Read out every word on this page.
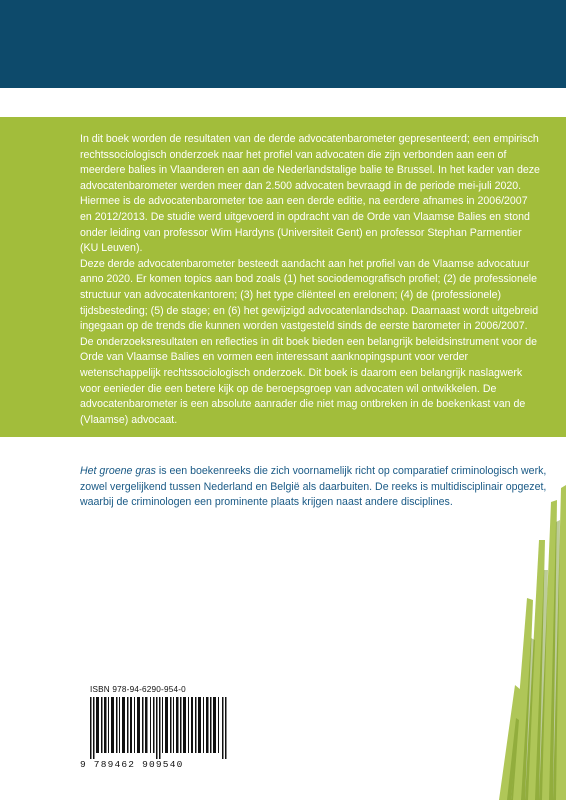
In dit boek worden de resultaten van de derde advocatenbarometer gepresenteerd; een empirisch rechtssociologisch onderzoek naar het profiel van advocaten die zijn verbonden aan een of meerdere balies in Vlaanderen en aan de Nederlandstalige balie te Brussel. In het kader van deze advocatenbarometer werden meer dan 2.500 advocaten bevraagd in de periode mei-juli 2020. Hiermee is de advocatenbarometer toe aan een derde editie, na eerdere afnames in 2006/2007 en 2012/2013. De studie werd uitgevoerd in opdracht van de Orde van Vlaamse Balies en stond onder leiding van professor Wim Hardyns (Universiteit Gent) en professor Stephan Parmentier (KU Leuven).

Deze derde advocatenbarometer besteedt aandacht aan het profiel van de Vlaamse advocatuur anno 2020. Er komen topics aan bod zoals (1) het sociodemografisch profiel; (2) de professionele structuur van advocatenkantoren; (3) het type cliënteel en erelonen; (4) de (professionele) tijdsbesteding; (5) de stage; en (6) het gewijzigd advocatenlandschap. Daarnaast wordt uitgebreid ingegaan op de trends die kunnen worden vastgesteld sinds de eerste barometer in 2006/2007. De onderzoeksresultaten en reflecties in dit boek bieden een belangrijk beleidsinstrument voor de Orde van Vlaamse Balies en vormen een interessant aanknopingspunt voor verder wetenschappelijk rechtssociologisch onderzoek. Dit boek is daarom een belangrijk naslagwerk voor eenieder die een betere kijk op de beroepsgroep van advocaten wil ontwikkelen. De advocatenbarometer is een absolute aanrader die niet mag ontbreken in de boekenkast van de (Vlaamse) advocaat.

Het groene gras is een boekenreeks die zich voornamelijk richt op comparatief criminologisch werk, zowel vergelijkend tussen Nederland en België als daarbuiten. De reeks is multidisciplinair opgezet, waarbij de criminologen een prominente plaats krijgen naast andere disciplines.
ISBN 978-94-6290-954-0
9 789462 909540
